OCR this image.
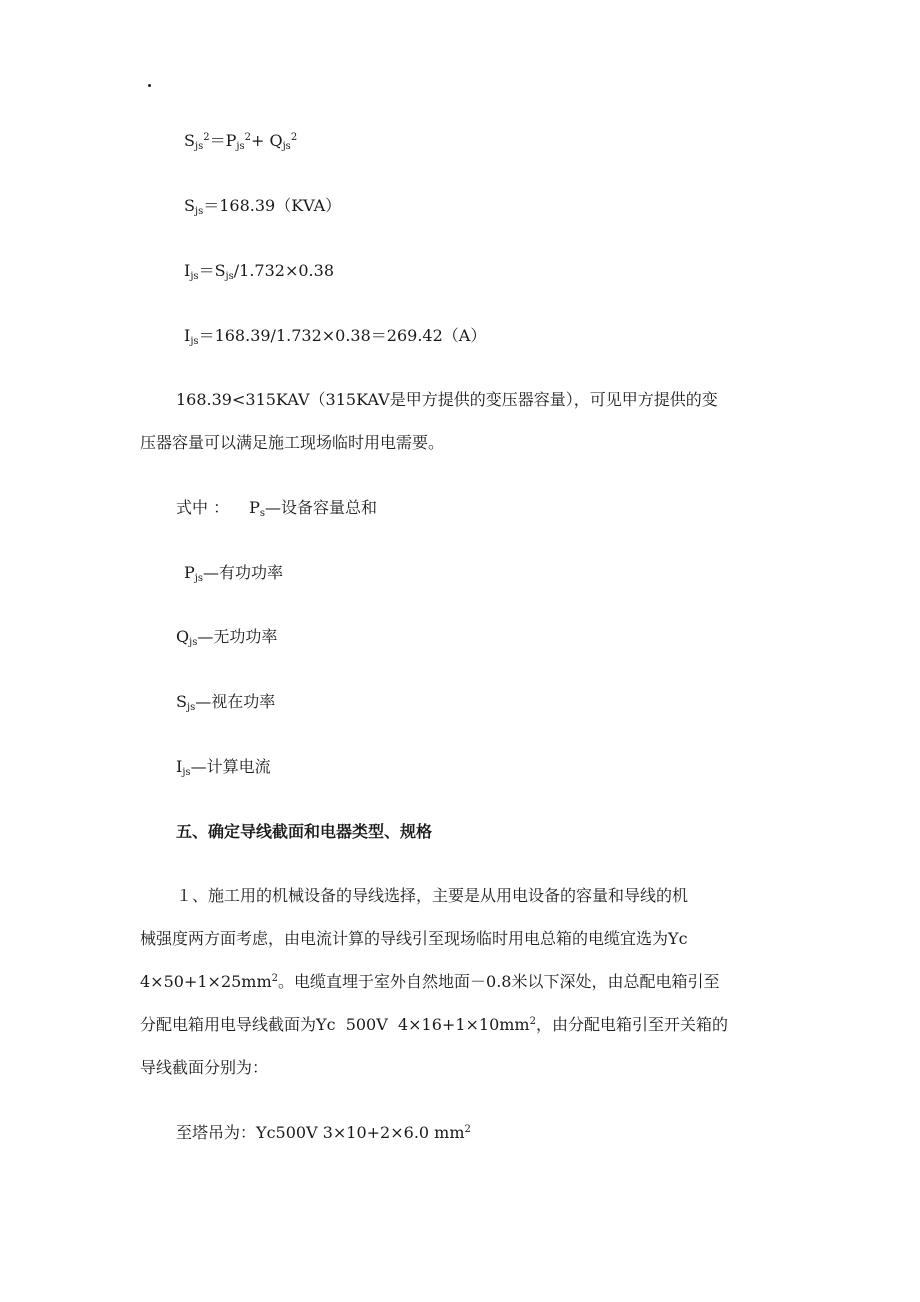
$S_{js}^2=P_{js}^2+ Q_{js}^2$
$S_{js}=168.39(KVA)$
$I_{js}=S_{js}/1.732\times 0.38$
$I_{js}=168.39/1.732\times 0.38=269.42(A)$
168.39<315KAV（315KAV是甲方提供的变压器容量），可见甲方提供的变
压器容量可以满足施工现场临时用电需要。
式中 ： $P_s—$设备容量总和
$P_{js}—$有功功率
$Q_{js}—$无功功率
$S_{js}—$视在功率
$I_{js}—$计算电流
五、确定导线截面和电器类型、规格
１、施工用的机械设备的导线选择，主要是从用电设备的容量和导线的机
械强度两方面考虑，由电流计算的导线引至现场临时用电总箱的电缆宜选为Yc
$4\times 50+1\times 25mm^2$。电缆直埋于室外自然地面－0.8米以下深处，由总配电箱引至
分配电箱用电导线截面为Yc  500V  $4\times 16+1\times 10mm^2$，由分配电箱引至开关箱的
导线截面分别为：
至塔吊为：Yc500V 3×10+2×6.0 $mm^2$
